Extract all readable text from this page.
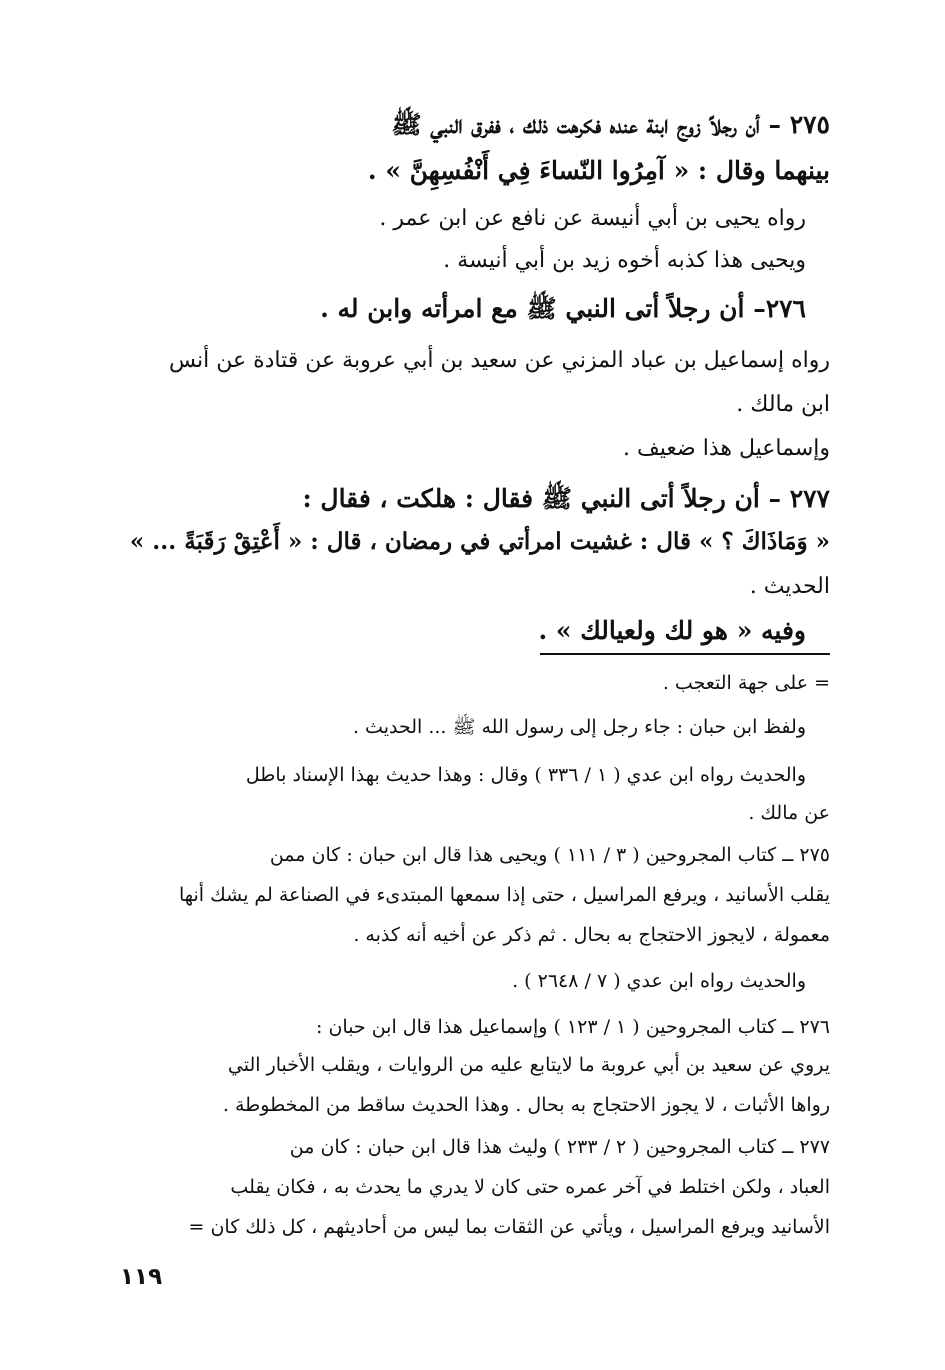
٢٧٥ – أن رجلاً زوج ابنة عنده فكرهت ذلك ، ففرق النبي ﷺ
بينهما وقال : « آمِرُوا النّساءَ فِي أَنْفُسِهِنَّ » .
رواه يحيى بن أبي أنيسة عن نافع عن ابن عمر .
ويحيى هذا كذبه أخوه زيد بن أبي أنيسة .
٢٧٦– أن رجلاً أتى النبي ﷺ مع امرأته وابن له .
رواه إسماعيل بن عباد المزني عن سعيد بن أبي عروبة عن قتادة عن أنس
ابن مالك .
وإسماعيل هذا ضعيف .
٢٧٧ – أن رجلاً أتى النبي ﷺ فقال : هلكت ، فقال :
« وَمَاذَاكَ ؟ » قال : غشيت امرأتي في رمضان ، قال : « أَعْتِقْ رَقَبَةً ... »
الحديث .
وفيه « هو لك ولعيالك » .
= على جهة التعجب .
ولفظ ابن حبان : جاء رجل إلى رسول الله ﷺ ... الحديث .
والحديث رواه ابن عدي ( ١ / ٣٣٦ ) وقال : وهذا حديث بهذا الإسناد باطل
عن مالك .
٢٧٥ ــ كتاب المجروحين ( ٣ / ١١١ ) ويحيى هذا قال ابن حبان : كان ممن
يقلب الأسانيد ، ويرفع المراسيل ، حتى إذا سمعها المبتدىء في الصناعة لم يشك أنها
معمولة ، لايجوز الاحتجاج به بحال . ثم ذكر عن أخيه أنه كذبه .
والحديث رواه ابن عدي ( ٧ / ٢٦٤٨ ) .
٢٧٦ ــ كتاب المجروحين ( ١ / ١٢٣ ) وإسماعيل هذا قال ابن حبان :
يروي عن سعيد بن أبي عروبة ما لايتابع عليه من الروايات ، ويقلب الأخبار التي
رواها الأثبات ، لا يجوز الاحتجاج به بحال . وهذا الحديث ساقط من المخطوطة .
٢٧٧ ــ كتاب المجروحين ( ٢ / ٢٣٣ ) وليث هذا قال ابن حبان : كان من
العباد ، ولكن اختلط في آخر عمره حتى كان لا يدري ما يحدث به ، فكان يقلب
الأسانيد ويرفع المراسيل ، ويأتي عن الثقات بما ليس من أحاديثهم ، كل ذلك كان =
١١٩
